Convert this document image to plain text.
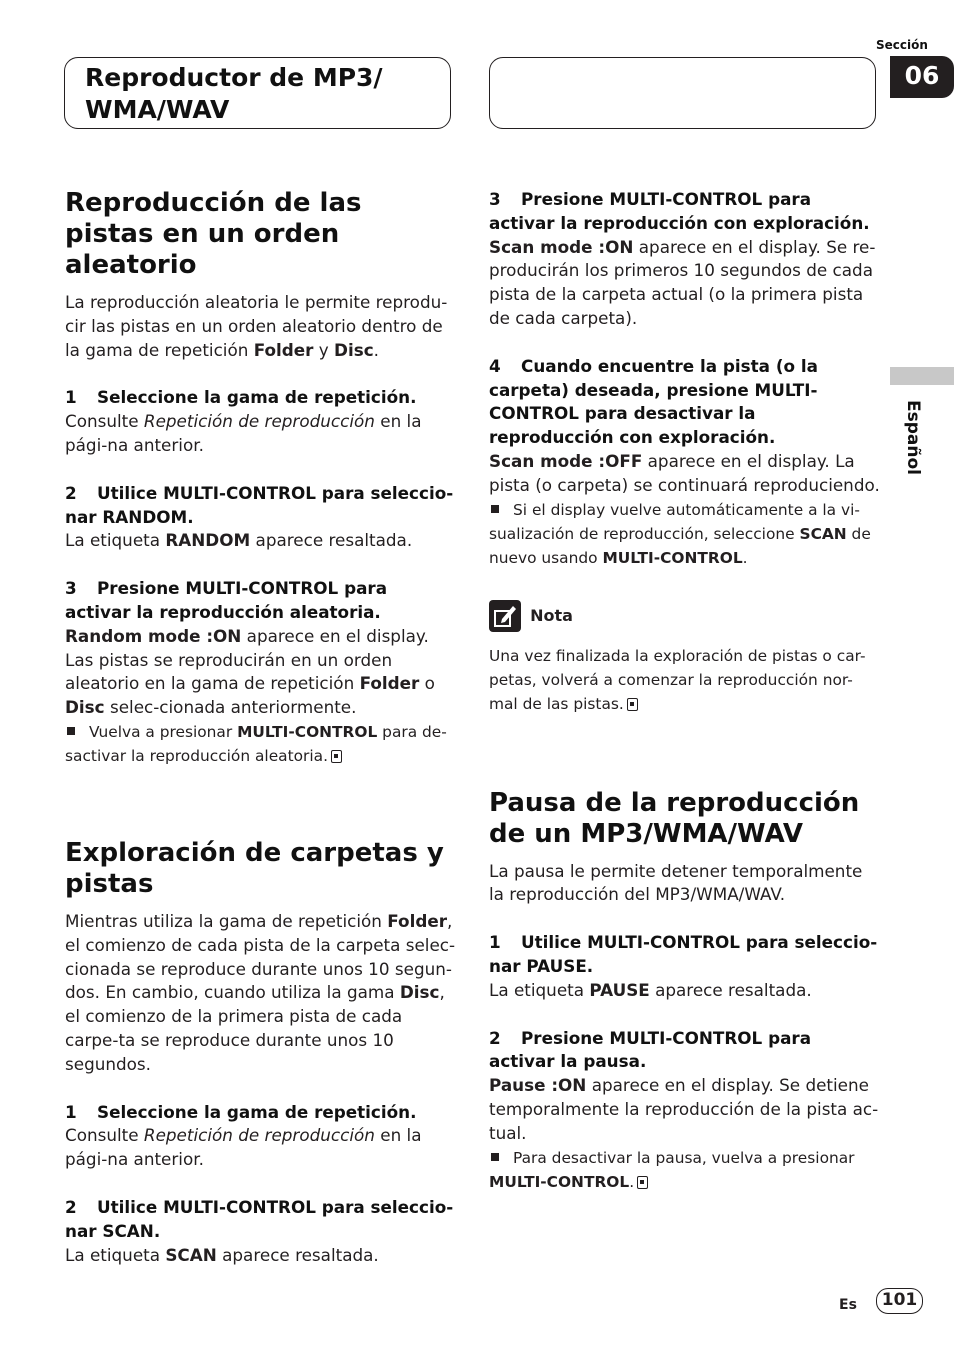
Reproductor de MP3/
WMA/WAV
Sección
06
Español
Reproducción de las pistas en un orden aleatorio

La reproducción aleatoria le permite reprodu-cir las pistas en un orden aleatorio dentro de la gama de repetición Folder y Disc.

1 Seleccione la gama de repetición.

Consulte Repetición de reproducción en la pági-na anterior.

2 Utilice MULTI-CONTROL para seleccio-nar RANDOM.

La etiqueta RANDOM aparece resaltada.

3 Presione MULTI-CONTROL para activar la reproducción aleatoria.

Random mode :ON aparece en el display. Las pistas se reproducirán en un orden aleatorio en la gama de repetición Folder o Disc selec-cionada anteriormente.

Vuelva a presionar MULTI-CONTROL para de-sactivar la reproducción aleatoria.

Exploración de carpetas y pistas

Mientras utiliza la gama de repetición Folder, el comienzo de cada pista de la carpeta selec-cionada se reproduce durante unos 10 segun-dos. En cambio, cuando utiliza la gama Disc, el comienzo de la primera pista de cada carpe-ta se reproduce durante unos 10 segundos.

1 Seleccione la gama de repetición.

Consulte Repetición de reproducción en la pági-na anterior.

2 Utilice MULTI-CONTROL para seleccio-nar SCAN.

La etiqueta SCAN aparece resaltada.

3 Presione MULTI-CONTROL para activar la reproducción con exploración.

Scan mode :ON aparece en el display. Se re-producirán los primeros 10 segundos de cada pista de la carpeta actual (o la primera pista de cada carpeta).

4 Cuando encuentre la pista (o la carpeta) deseada, presione MULTI-CONTROL para desactivar la reproducción con exploración.

Scan mode :OFF aparece en el display. La pista (o carpeta) se continuará reproduciendo.

Si el display vuelve automáticamente a la vi-sualización de reproducción, seleccione SCAN de nuevo usando MULTI-CONTROL.

Nota

Una vez finalizada la exploración de pistas o car-petas, volverá a comenzar la reproducción nor-mal de las pistas.

Pausa de la reproducción de un MP3/WMA/WAV

La pausa le permite detener temporalmente la reproducción del MP3/WMA/WAV.

1 Utilice MULTI-CONTROL para seleccio-nar PAUSE.

La etiqueta PAUSE aparece resaltada.

2 Presione MULTI-CONTROL para activar la pausa.

Pause :ON aparece en el display. Se detiene temporalmente la reproducción de la pista ac-tual.

Para desactivar la pausa, vuelva a presionar MULTI-CONTROL.

Es	101
